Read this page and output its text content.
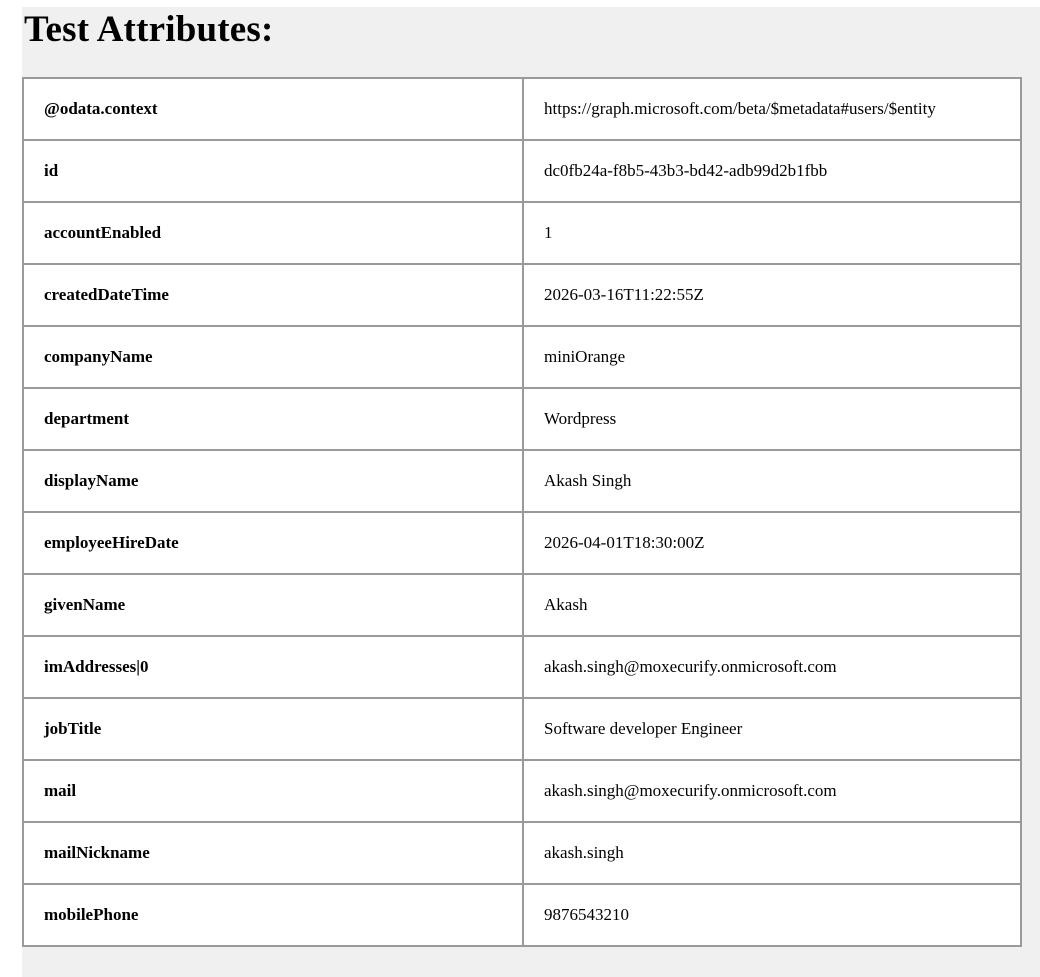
Test Attributes:
@odata.context	https://graph.microsoft.com/beta/$metadata#users/$entity
id	dc0fb24a-f8b5-43b3-bd42-adb99d2b1fbb
accountEnabled	1
createdDateTime	2026-03-16T11:22:55Z
companyName	miniOrange
department	Wordpress
displayName	Akash Singh
employeeHireDate	2026-04-01T18:30:00Z
givenName	Akash
imAddresses|0	akash.singh@moxecurify.onmicrosoft.com
jobTitle	Software developer Engineer
mail	akash.singh@moxecurify.onmicrosoft.com
mailNickname	akash.singh
mobilePhone	9876543210
